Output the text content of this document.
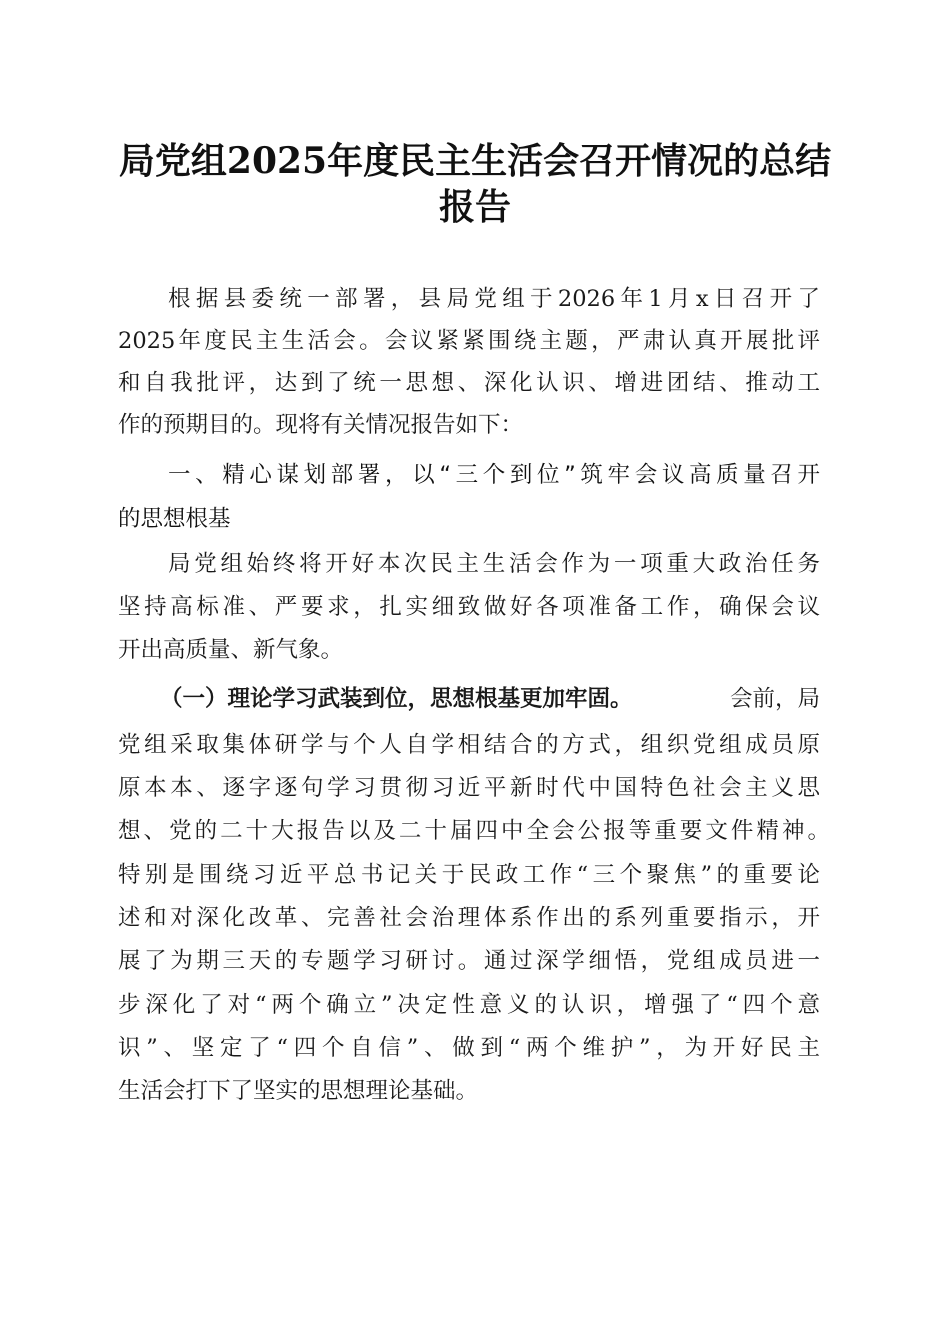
局党组2025年度民主生活会召开情况的总结
报告
根据县委统一部署，县局党组于2026年1月x日召开了
2025年度民主生活会。会议紧紧围绕主题，严肃认真开展批评
和自我批评，达到了统一思想、深化认识、增进团结、推动工
作的预期目的。现将有关情况报告如下：
一、精心谋划部署，以“三个到位”筑牢会议高质量召开
的思想根基
局党组始终将开好本次民主生活会作为一项重大政治任务
坚持高标准、严要求，扎实细致做好各项准备工作，确保会议
开出高质量、新气象。
（一）理论学习武装到位，思想根基更加牢固。	会前，局
党组采取集体研学与个人自学相结合的方式，组织党组成员原
原本本、逐字逐句学习贯彻习近平新时代中国特色社会主义思
想、党的二十大报告以及二十届四中全会公报等重要文件精神。
特别是围绕习近平总书记关于民政工作“三个聚焦”的重要论
述和对深化改革、完善社会治理体系作出的系列重要指示，开
展了为期三天的专题学习研讨。通过深学细悟，党组成员进一
步深化了对“两个确立”决定性意义的认识，增强了“四个意
识”、坚定了“四个自信”、做到“两个维护”，为开好民主
生活会打下了坚实的思想理论基础。
